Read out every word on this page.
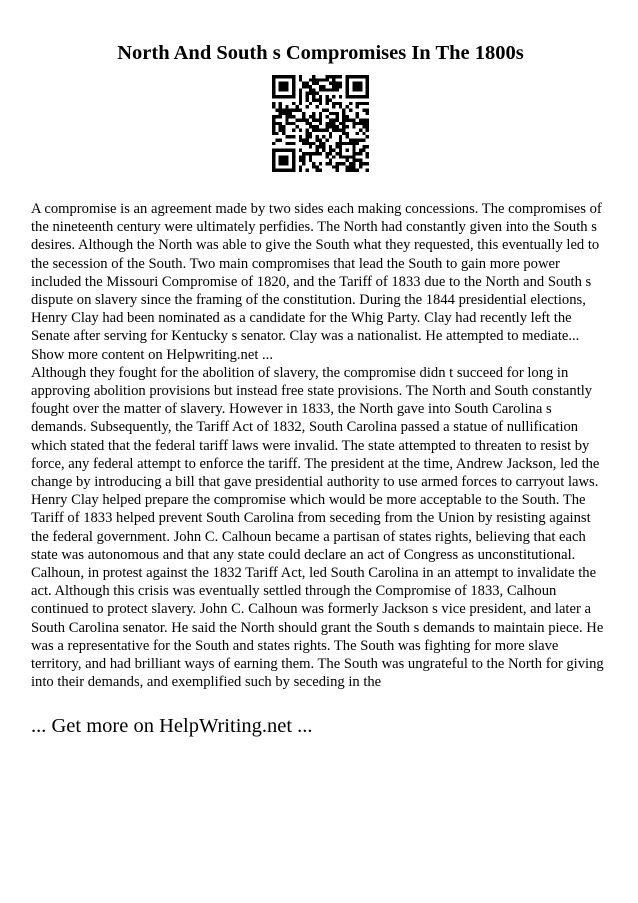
North And South s Compromises In The 1800s

A compromise is an agreement made by two sides each making concessions. The compromises of the nineteenth century were ultimately perfidies. The North had constantly given into the South s desires. Although the North was able to give the South what they requested, this eventually led to the secession of the South. Two main compromises that lead the South to gain more power included the Missouri Compromise of 1820, and the Tariff of 1833 due to the North and South s dispute on slavery since the framing of the constitution. During the 1844 presidential elections, Henry Clay had been nominated as a candidate for the Whig Party. Clay had recently left the Senate after serving for Kentucky s senator. Clay was a nationalist. He attempted to mediate... Show more content on Helpwriting.net ...

Although they fought for the abolition of slavery, the compromise didn t succeed for long in approving abolition provisions but instead free state provisions. The North and South constantly fought over the matter of slavery. However in 1833, the North gave into South Carolina s demands. Subsequently, the Tariff Act of 1832, South Carolina passed a statue of nullification which stated that the federal tariff laws were invalid. The state attempted to threaten to resist by force, any federal attempt to enforce the tariff. The president at the time, Andrew Jackson, led the change by introducing a bill that gave presidential authority to use armed forces to carryout laws. Henry Clay helped prepare the compromise which would be more acceptable to the South. The Tariff of 1833 helped prevent South Carolina from seceding from the Union by resisting against the federal government. John C. Calhoun became a partisan of states rights, believing that each state was autonomous and that any state could declare an act of Congress as unconstitutional. Calhoun, in protest against the 1832 Tariff Act, led South Carolina in an attempt to invalidate the act. Although this crisis was eventually settled through the Compromise of 1833, Calhoun continued to protect slavery. John C. Calhoun was formerly Jackson s vice president, and later a South Carolina senator. He said the North should grant the South s demands to maintain piece. He was a representative for the South and states rights. The South was fighting for more slave territory, and had brilliant ways of earning them. The South was ungrateful to the North for giving into their demands, and exemplified such by seceding in the

... Get more on HelpWriting.net ...
